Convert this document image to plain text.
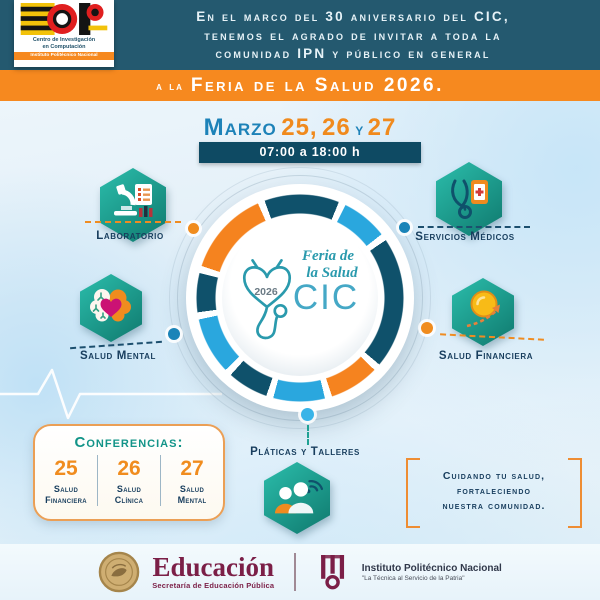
En el marco del 30 aniversario del CIC,
tenemos el agrado de invitar a toda la
comunidad IPN y público en general
a la Feria de la Salud 2026.
Centro de Investigación
en Computación
Instituto Politécnico Nacional
Marzo 25, 26 y 27
07:00 a 18:00 h
Feria de
la Salud
CIC
2026
Laboratorio	Servicios Médicos
Salud Mental	Salud Financiera
Pláticas y Talleres
Conferencias:
25
Salud
Financiera
26
Salud
Clínica
27
Salud
Mental
Cuidando tu salud,
fortaleciendo
nuestra comunidad.
Educación
Secretaría de Educación Pública
Instituto Politécnico Nacional
"La Técnica al Servicio de la Patria"
